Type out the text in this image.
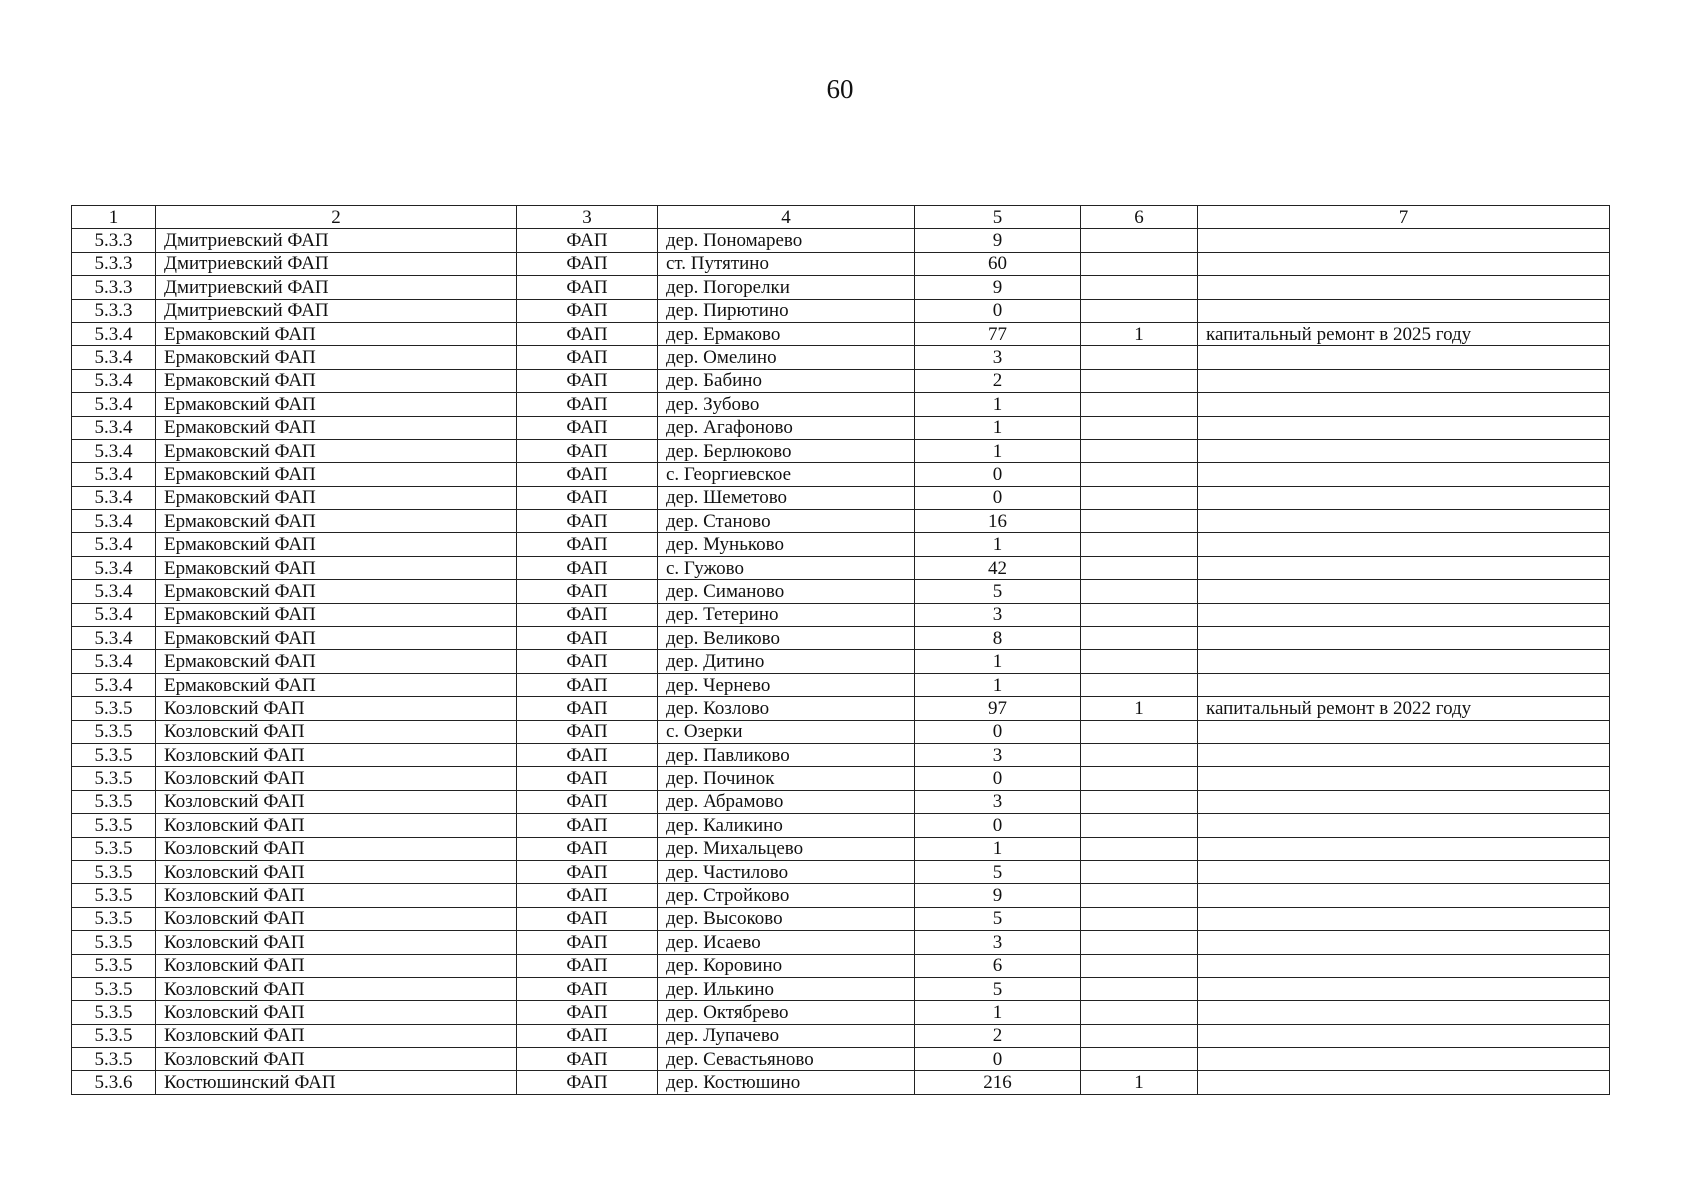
60
1	2	3	4	5	6	7
5.3.3	Дмитриевский ФАП	ФАП	дер. Пономарево	9		
5.3.3	Дмитриевский ФАП	ФАП	ст. Путятино	60		
5.3.3	Дмитриевский ФАП	ФАП	дер. Погорелки	9		
5.3.3	Дмитриевский ФАП	ФАП	дер. Пирютино	0		
5.3.4	Ермаковский ФАП	ФАП	дер. Ермаково	77	1	капитальный ремонт в 2025 году
5.3.4	Ермаковский ФАП	ФАП	дер. Омелино	3		
5.3.4	Ермаковский ФАП	ФАП	дер. Бабино	2		
5.3.4	Ермаковский ФАП	ФАП	дер. Зубово	1		
5.3.4	Ермаковский ФАП	ФАП	дер. Агафоново	1		
5.3.4	Ермаковский ФАП	ФАП	дер. Берлюково	1		
5.3.4	Ермаковский ФАП	ФАП	с. Георгиевское	0		
5.3.4	Ермаковский ФАП	ФАП	дер. Шеметово	0		
5.3.4	Ермаковский ФАП	ФАП	дер. Становo	16		
5.3.4	Ермаковский ФАП	ФАП	дер. Муньково	1		
5.3.4	Ермаковский ФАП	ФАП	с. Гужово	42		
5.3.4	Ермаковский ФАП	ФАП	дер. Симаново	5		
5.3.4	Ермаковский ФАП	ФАП	дер. Тетерино	3		
5.3.4	Ермаковский ФАП	ФАП	дер. Великово	8		
5.3.4	Ермаковский ФАП	ФАП	дер. Дитино	1		
5.3.4	Ермаковский ФАП	ФАП	дер. Чернево	1		
5.3.5	Козловский ФАП	ФАП	дер. Козлово	97	1	капитальный ремонт в 2022 году
5.3.5	Козловский ФАП	ФАП	с. Озерки	0		
5.3.5	Козловский ФАП	ФАП	дер. Павликово	3		
5.3.5	Козловский ФАП	ФАП	дер. Починок	0		
5.3.5	Козловский ФАП	ФАП	дер. Абрамово	3		
5.3.5	Козловский ФАП	ФАП	дер. Каликино	0		
5.3.5	Козловский ФАП	ФАП	дер. Михальцево	1		
5.3.5	Козловский ФАП	ФАП	дер. Частилово	5		
5.3.5	Козловский ФАП	ФАП	дер. Стройково	9		
5.3.5	Козловский ФАП	ФАП	дер. Высоково	5		
5.3.5	Козловский ФАП	ФАП	дер. Исаево	3		
5.3.5	Козловский ФАП	ФАП	дер. Коровино	6		
5.3.5	Козловский ФАП	ФАП	дер. Илькино	5		
5.3.5	Козловский ФАП	ФАП	дер. Октябрево	1		
5.3.5	Козловский ФАП	ФАП	дер. Лупачево	2		
5.3.5	Козловский ФАП	ФАП	дер. Севастьяново	0		
5.3.6	Костюшинский ФАП	ФАП	дер. Костюшино	216	1	
